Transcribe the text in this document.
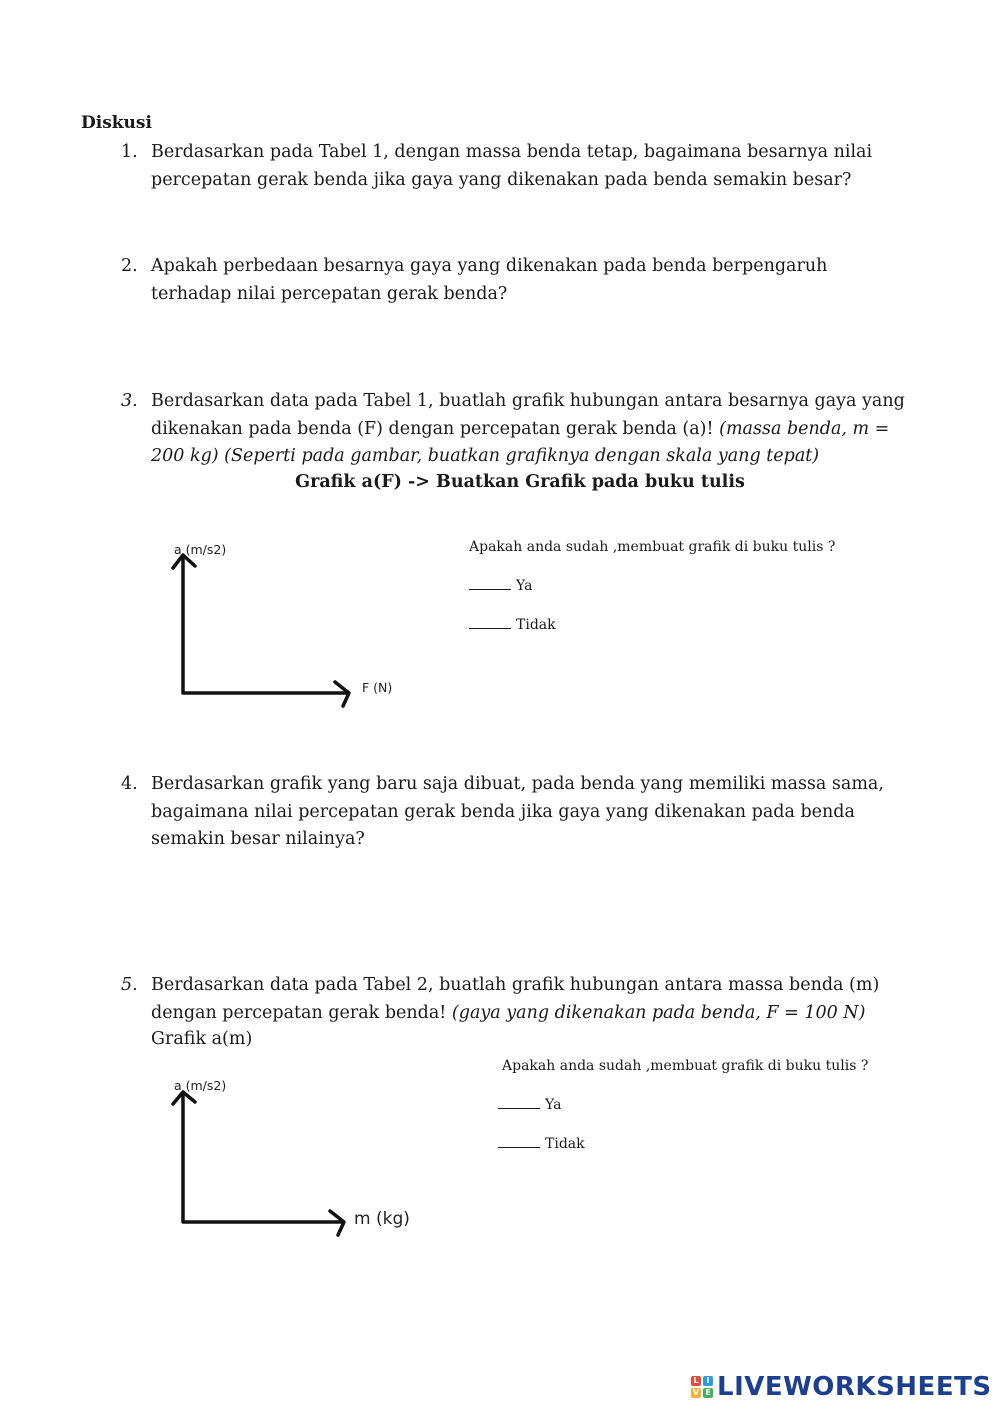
Diskusi
1. Berdasarkan pada Tabel 1, dengan massa benda tetap, bagaimana besarnya nilai percepatan gerak benda jika gaya yang dikenakan pada benda semakin besar?
2. Apakah perbedaan besarnya gaya yang dikenakan pada benda berpengaruh terhadap nilai percepatan gerak benda?
3. Berdasarkan data pada Tabel 1, buatlah grafik hubungan antara besarnya gaya yang dikenakan pada benda (F) dengan percepatan gerak benda (a)! (massa benda, m = 200 kg) (Seperti pada gambar, buatkan grafiknya dengan skala yang tepat)
Grafik a(F) -> Buatkan Grafik pada buku tulis
a (m/s2)
F (N)
Apakah anda sudah ,membuat grafik di buku tulis ?
Ya
Tidak
4. Berdasarkan grafik yang baru saja dibuat, pada benda yang memiliki massa sama, bagaimana nilai percepatan gerak benda jika gaya yang dikenakan pada benda semakin besar nilainya?
5. Berdasarkan data pada Tabel 2, buatlah grafik hubungan antara massa benda (m) dengan percepatan gerak benda! (gaya yang dikenakan pada benda, F = 100 N)
Grafik a(m)
a (m/s2)
m (kg)
Apakah anda sudah ,membuat grafik di buku tulis ?
Ya
Tidak
L I
V E LIVEWORKSHEETS
